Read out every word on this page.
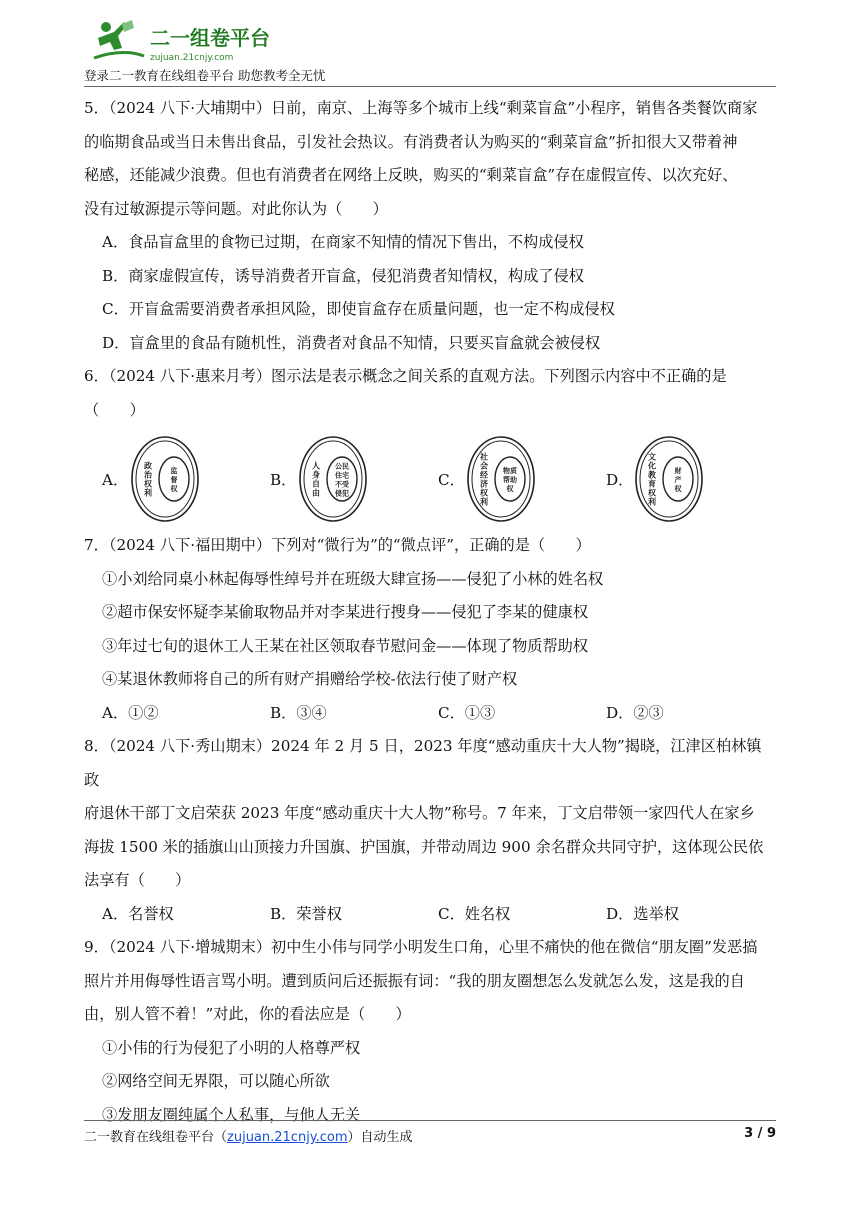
二一组卷平台
zujuan.21cnjy.com
登录二一教育在线组卷平台 助您教考全无忧

5．（2024 八下·大埔期中）日前，南京、上海等多个城市上线“剩菜盲盒”小程序，销售各类餐饮商家

的临期食品或当日未售出食品，引发社会热议。有消费者认为购买的“剩菜盲盒”折扣很大又带着神

秘感，还能减少浪费。但也有消费者在网络上反映，购买的“剩菜盲盒”存在虚假宣传、以次充好、

没有过敏源提示等问题。对此你认为（　　）

A．食品盲盒里的食物已过期，在商家不知情的情况下售出，不构成侵权

B．商家虚假宣传，诱导消费者开盲盒，侵犯消费者知情权，构成了侵权

C．开盲盒需要消费者承担风险，即使盲盒存在质量问题，也一定不构成侵权

D．盲盒里的食品有随机性，消费者对食品不知情，只要买盲盒就会被侵权

6．（2024 八下·惠来月考）图示法是表示概念之间关系的直观方法。下列图示内容中不正确的是

（　　）

A．
政
治
权
利
监
督
权	B．
人
身
自
由
公民
住宅
不受
侵犯
C．
社
会
经
济
权
利
物质
帮助
权	D．
文
化
教
育
权
利
财
产
权

7．（2024 八下·福田期中）下列对“微行为”的“微点评”，正确的是（　　）

①小刘给同桌小林起侮辱性绰号并在班级大肆宣扬——侵犯了小林的姓名权

②超市保安怀疑李某偷取物品并对李某进行搜身——侵犯了李某的健康权

③年过七旬的退休工人王某在社区领取春节慰问金——体现了物质帮助权

④某退休教师将自己的所有财产捐赠给学校-依法行使了财产权

A．①②	B．③④	C．①③	D．②③

8．（2024 八下·秀山期末）2024 年 2 月 5 日，2023 年度“感动重庆十大人物”揭晓，江津区柏林镇政

府退休干部丁文启荣获 2023 年度“感动重庆十大人物”称号。7 年来，丁文启带领一家四代人在家乡

海拔 1500 米的插旗山山顶接力升国旗、护国旗，并带动周边 900 余名群众共同守护，这体现公民依

法享有（　　）

A．名誉权	B．荣誉权	C．姓名权	D．选举权

9．（2024 八下·增城期末）初中生小伟与同学小明发生口角，心里不痛快的他在微信“朋友圈”发恶搞

照片并用侮辱性语言骂小明。遭到质问后还振振有词：“我的朋友圈想怎么发就怎么发，这是我的自

由，别人管不着！”对此，你的看法应是（　　）

①小伟的行为侵犯了小明的人格尊严权

②网络空间无界限，可以随心所欲

③发朋友圈纯属个人私事，与他人无关

二一教育在线组卷平台（zujuan.21cnjy.com）自动生成	3 / 9
